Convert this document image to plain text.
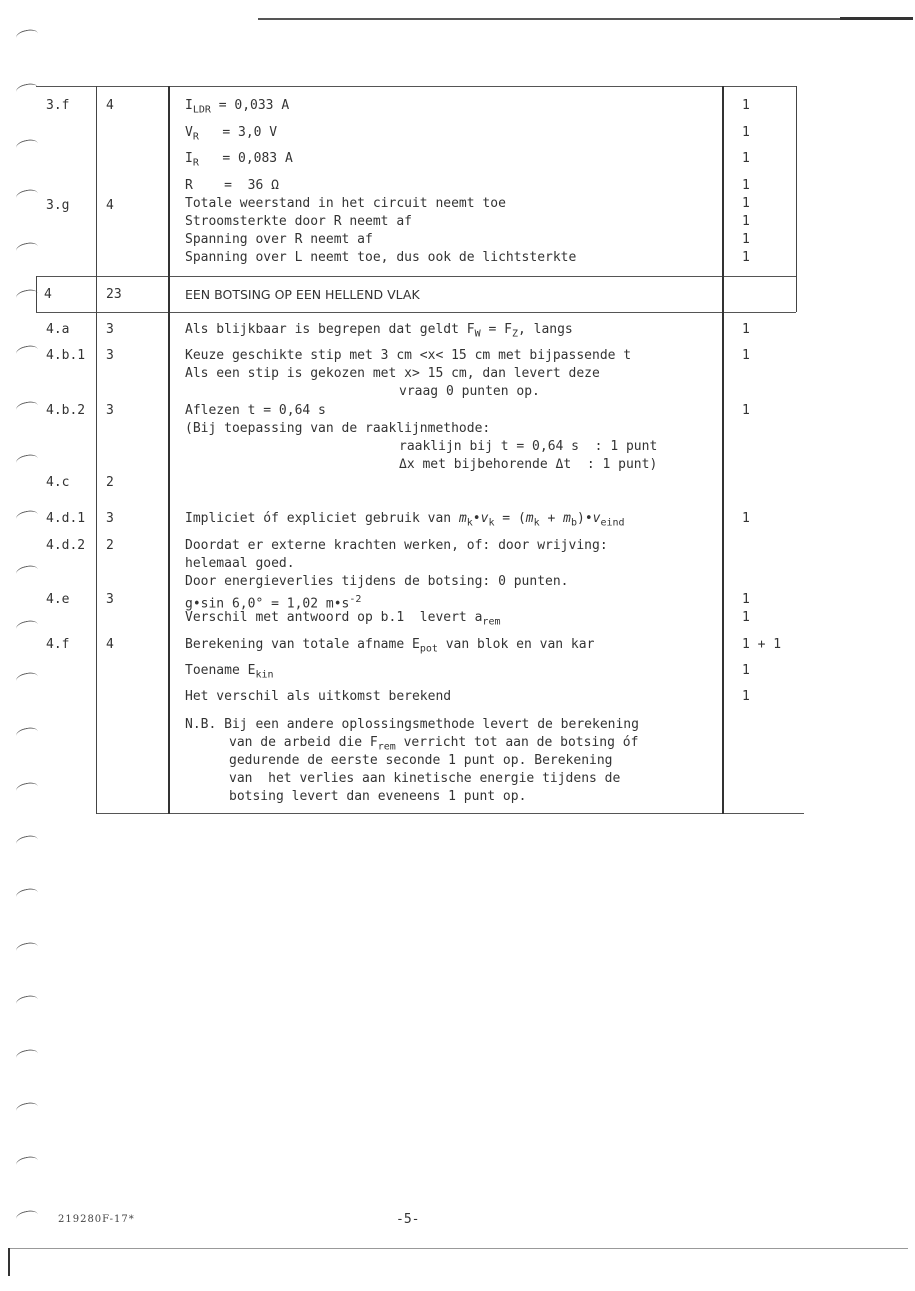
3.f
3.g
4
4.a
4.b.1
4.b.2
4.c
4.d.1
4.d.2
4.e
4.f
4
4
23
3
3
3
2
3
2
3
4
$I_{LDR} = 0,033$ A
$V_R = 3,0$ V
$I_R = 0,083$ A
R =  36 Ω
Totale weerstand in het circuit neemt toe
Stroomsterkte door R neemt af
Spanning over R neemt af
Spanning over L neemt toe, dus ook de lichtsterkte
EEN BOTSING OP EEN HELLEND VLAK
Als blijkbaar is begrepen dat geldt $F_W = F_Z$, langs
Keuze geschikte stip met 3 cm <x< 15 cm met bijpassende t
Als een stip is gekozen met x> 15 cm, dan levert deze
vraag 0 punten op.
Aflezen t = 0,64 s
(Bij toepassing van de raaklijnmethode:
raaklijn bij t = 0,64 s  : 1 punt
Δx met bijbehorende Δt  : 1 punt)
Impliciet óf expliciet gebruik van $m_k•v_k = (m_k$ + $m_b)•v_{eind}$
Doordat er externe krachten werken, of: door wrijving:
helemaal goed.
Door energieverlies tijdens de botsing: 0 punten.
g•sin 6,0° = 1,02 $m•s^{-2}$
Verschil met antwoord op b.1  levert $a_{rem}$
Berekening van totale afname $E_{pot}$ van blok en van kar
Toename $E_{kin}$
Het verschil als uitkomst berekend
N.B. Bij een andere oplossingsmethode levert de berekening
van de arbeid die $F_{rem}$ verricht tot aan de botsing óf
gedurende de eerste seconde 1 punt op. Berekening
van  het verlies aan kinetische energie tijdens de
botsing levert dan eveneens 1 punt op.
1
1
1
1
1
1
1
1
1
1
1
1
1
1
1 + 1
1
1
219280F-17*	-5-
